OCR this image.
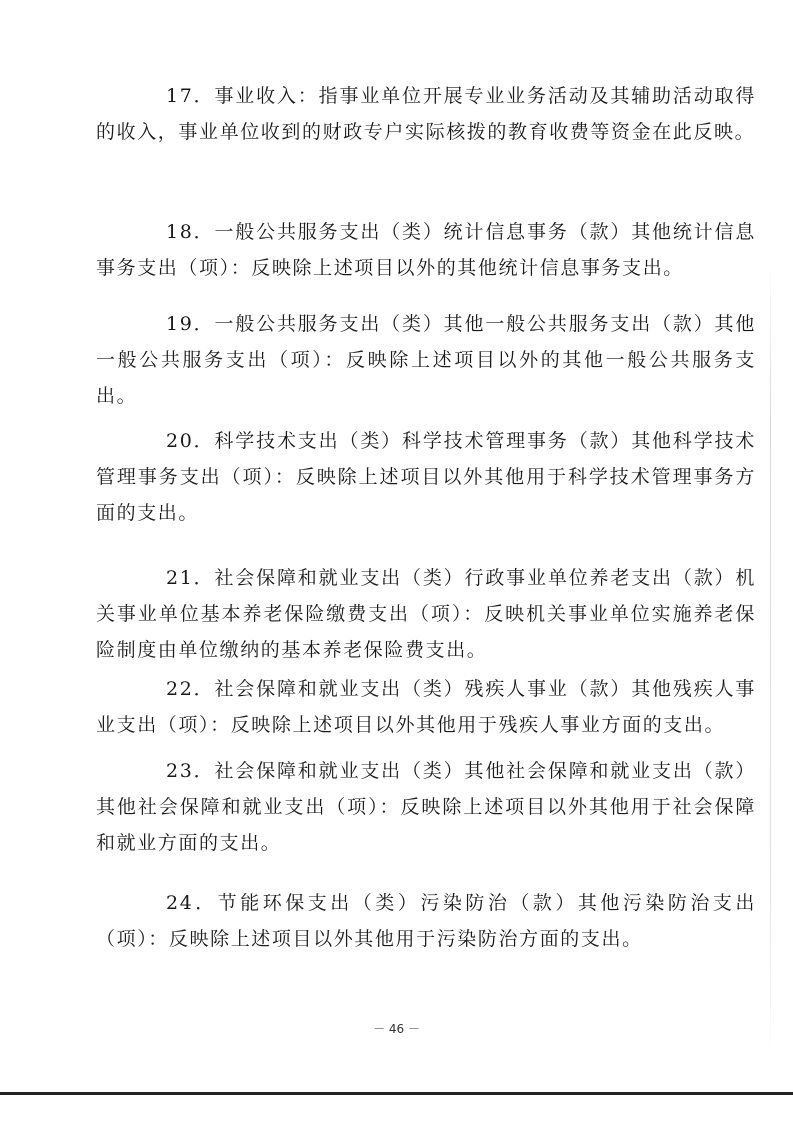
17．事业收入：指事业单位开展专业业务活动及其辅助活动取得的收入，事业单位收到的财政专户实际核拨的教育收费等资金在此反映。

18．一般公共服务支出（类）统计信息事务（款）其他统计信息事务支出（项）：反映除上述项目以外的其他统计信息事务支出。

19．一般公共服务支出（类）其他一般公共服务支出（款）其他一般公共服务支出（项）：反映除上述项目以外的其他一般公共服务支出。

20．科学技术支出（类）科学技术管理事务（款）其他科学技术管理事务支出（项）：反映除上述项目以外其他用于科学技术管理事务方面的支出。

21．社会保障和就业支出（类）行政事业单位养老支出（款）机关事业单位基本养老保险缴费支出（项）：反映机关事业单位实施养老保险制度由单位缴纳的基本养老保险费支出。

22．社会保障和就业支出（类）残疾人事业（款）其他残疾人事业支出（项）：反映除上述项目以外其他用于残疾人事业方面的支出。

23．社会保障和就业支出（类）其他社会保障和就业支出（款）其他社会保障和就业支出（项）：反映除上述项目以外其他用于社会保障和就业方面的支出。

24．节能环保支出（类）污染防治（款）其他污染防治支出（项）：反映除上述项目以外其他用于污染防治方面的支出。

－ 46 －
